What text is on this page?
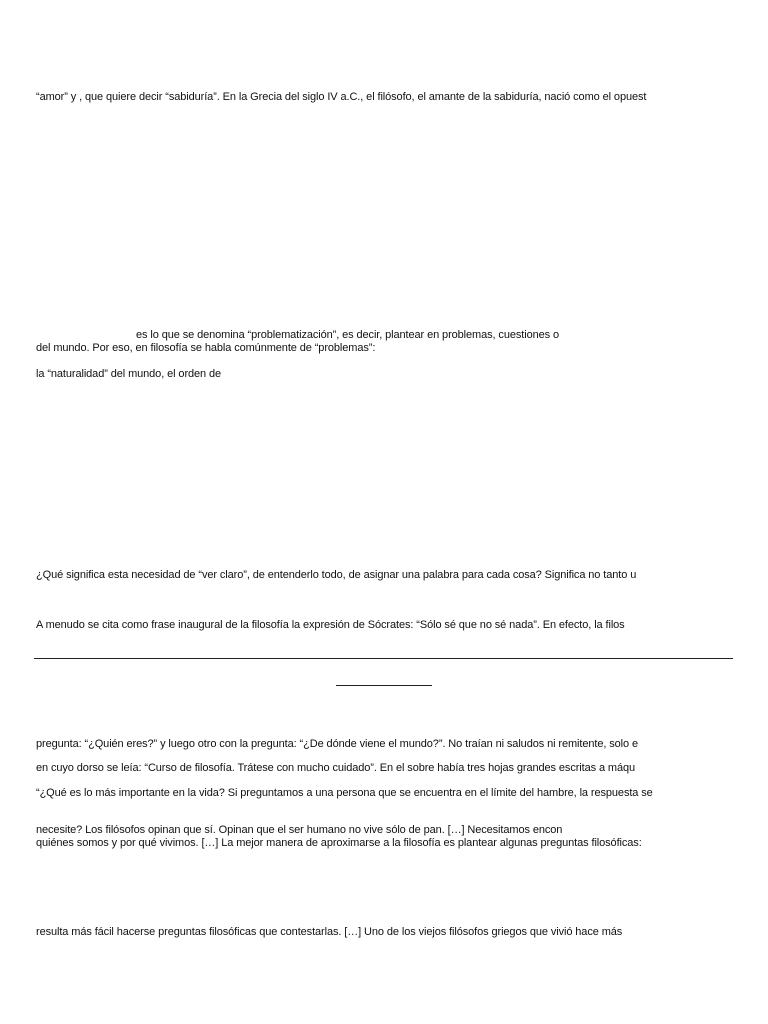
“amor” y , que quiere decir “sabiduría”. En la Grecia del siglo IV a.C., el filósofo, el amante de la sabiduría, nació como el opuest
es lo que se denomina “problematización”, es decir, plantear en problemas, cuestiones o
del mundo. Por eso, en filosofía se habla comúnmente de “problemas”:
la “naturalidad” del mundo, el orden de
¿Qué significa esta necesidad de “ver claro”, de entenderlo todo, de asignar una palabra para cada cosa? Significa no tanto u
A menudo se cita como frase inaugural de la filosofía la expresión de Sócrates: “Sólo sé que no sé nada”. En efecto, la filos
pregunta: “¿Quién eres?” y luego otro con la pregunta: “¿De dónde viene el mundo?”. No traían ni saludos ni remitente, solo e
en cuyo dorso se leía: “Curso de filosofía. Trátese con mucho cuidado”. En el sobre había tres hojas grandes escritas a máqu
“¿Qué es lo más importante en la vida? Si preguntamos a una persona que se encuentra en el límite del hambre, la respuesta se
necesite? Los filósofos opinan que sí. Opinan que el ser humano no vive sólo de pan. […] Necesitamos encon
quiénes somos y por qué vivimos. […] La mejor manera de aproximarse a la filosofía es plantear algunas preguntas filosóficas:
resulta más fácil hacerse preguntas filosóficas que contestarlas. […] Uno de los viejos filósofos griegos que vivió hace más
